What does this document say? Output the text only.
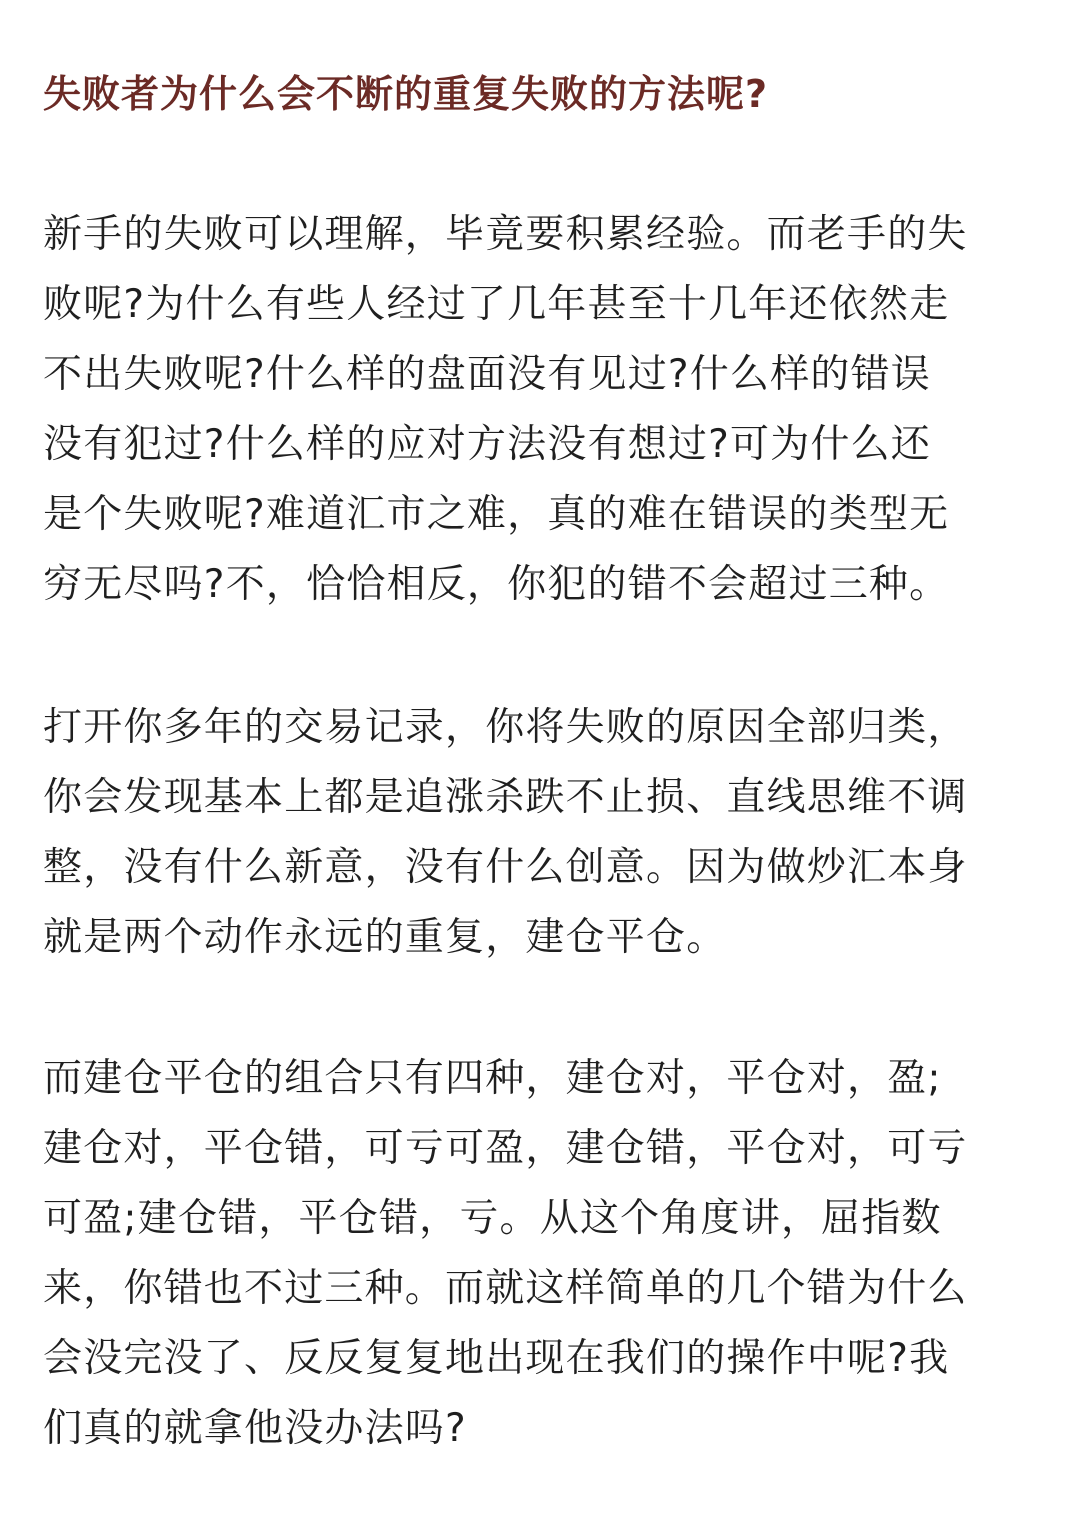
失败者为什么会不断的重复失败的方法呢?
新手的失败可以理解，毕竟要积累经验。而老手的失
败呢?为什么有些人经过了几年甚至十几年还依然走
不出失败呢?什么样的盘面没有见过?什么样的错误
没有犯过?什么样的应对方法没有想过?可为什么还
是个失败呢?难道汇市之难，真的难在错误的类型无
穷无尽吗?不，恰恰相反，你犯的错不会超过三种。
打开你多年的交易记录，你将失败的原因全部归类，
你会发现基本上都是追涨杀跌不止损、直线思维不调
整，没有什么新意，没有什么创意。因为做炒汇本身
就是两个动作永远的重复，建仓平仓。
而建仓平仓的组合只有四种，建仓对，平仓对，盈;
建仓对，平仓错，可亏可盈，建仓错，平仓对，可亏
可盈;建仓错，平仓错，亏。从这个角度讲，屈指数
来，你错也不过三种。而就这样简单的几个错为什么
会没完没了、反反复复地出现在我们的操作中呢?我
们真的就拿他没办法吗?
